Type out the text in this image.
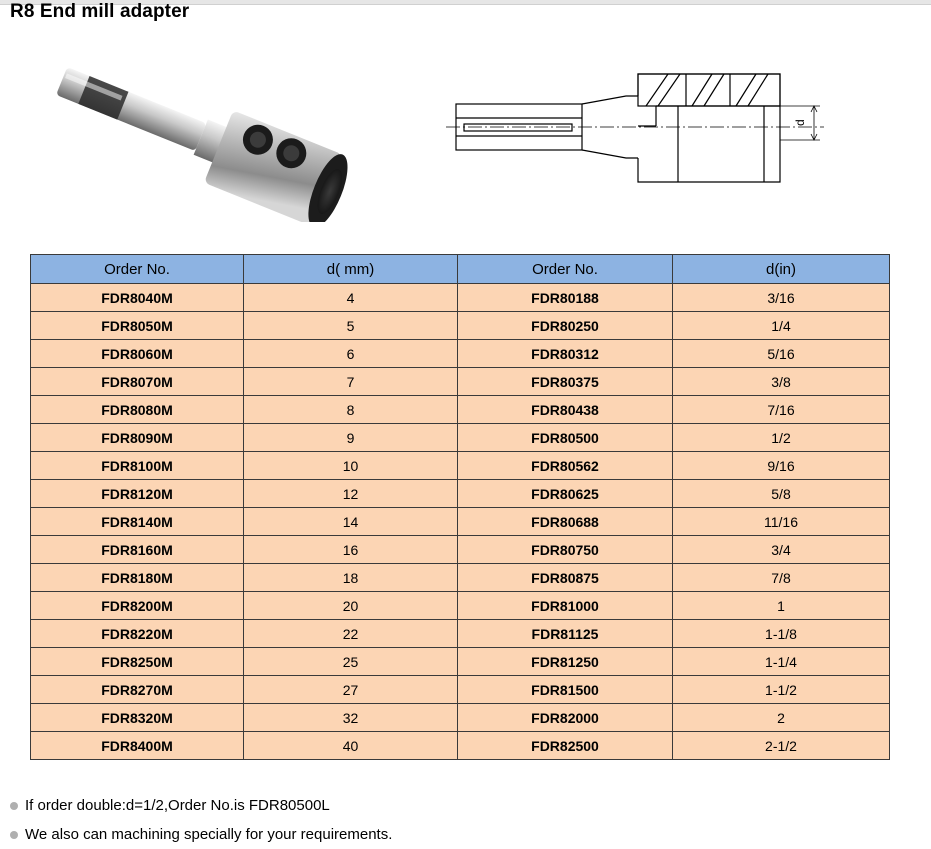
R8 End mill adapter
d
Order No.	d( mm)	Order No.	d(in)
FDR8040M	4	FDR80188	3/16
FDR8050M	5	FDR80250	1/4
FDR8060M	6	FDR80312	5/16
FDR8070M	7	FDR80375	3/8
FDR8080M	8	FDR80438	7/16
FDR8090M	9	FDR80500	1/2
FDR8100M	10	FDR80562	9/16
FDR8120M	12	FDR80625	5/8
FDR8140M	14	FDR80688	11/16
FDR8160M	16	FDR80750	3/4
FDR8180M	18	FDR80875	7/8
FDR8200M	20	FDR81000	1
FDR8220M	22	FDR81125	1-1/8
FDR8250M	25	FDR81250	1-1/4
FDR8270M	27	FDR81500	1-1/2
FDR8320M	32	FDR82000	2
FDR8400M	40	FDR82500	2-1/2
If order double:d=1/2,Order No.is FDR80500L
We also can machining specially for your requirements.
